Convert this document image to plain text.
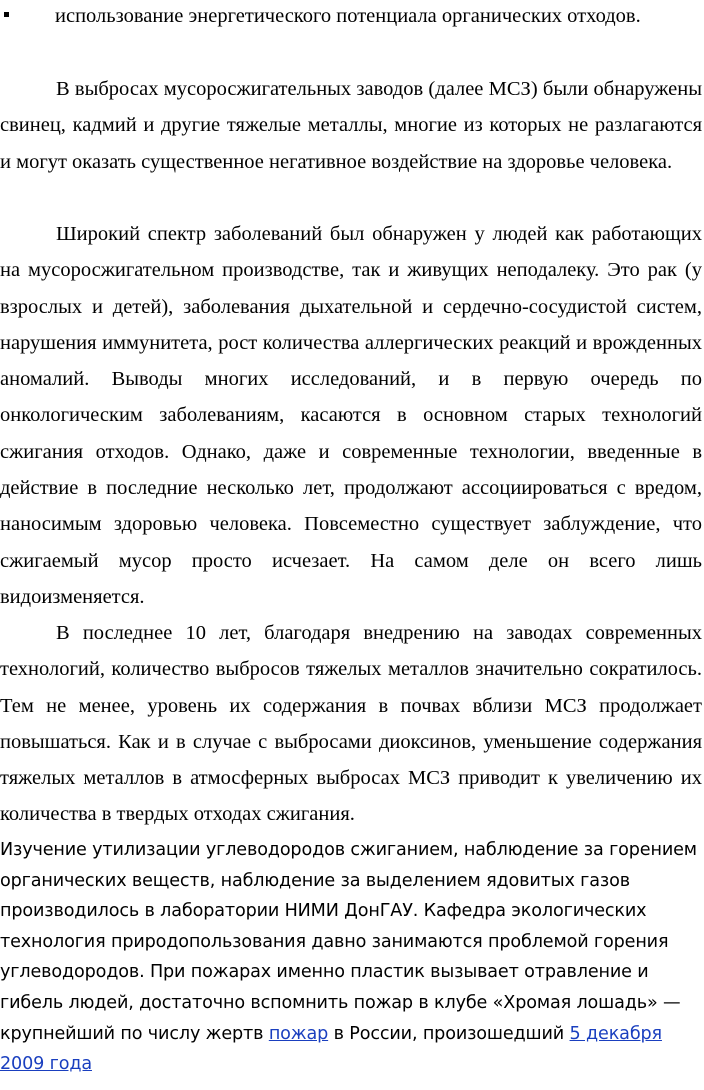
использование энергетического потенциала органических отходов.

В выбросах мусоросжигательных заводов (далее МСЗ) были обнаружены свинец, кадмий и другие тяжелые металлы, многие из которых не разлагаются и могут оказать существенное негативное воздействие на здоровье человека.

Широкий спектр заболеваний был обнаружен у людей как работающих на мусоросжигательном производстве, так и живущих неподалеку. Это рак (у взрослых и детей), заболевания дыхательной и сердечно-сосудистой систем, нарушения иммунитета, рост количества аллергических реакций и врожденных аномалий. Выводы многих исследований, и в первую очередь по онкологическим заболеваниям, касаются в основном старых технологий сжигания отходов. Однако, даже и современные технологии, введенные в действие в последние несколько лет, продолжают ассоциироваться с вредом, наносимым здоровью человека. Повсеместно существует заблуждение, что сжигаемый мусор просто исчезает. На самом деле он всего лишь видоизменяется.

В последнее 10 лет, благодаря внедрению на заводах современных технологий, количество выбросов тяжелых металлов значительно сократилось. Тем не менее, уровень их содержания в почвах вблизи МСЗ продолжает повышаться. Как и в случае с выбросами диоксинов, уменьшение содержания тяжелых металлов в атмосферных выбросах МСЗ приводит к увеличению их количества в твердых отходах сжигания.

Изучение утилизации углеводородов сжиганием, наблюдение за горением органических веществ, наблюдение за выделением ядовитых газов производилось в лаборатории НИМИ ДонГАУ. Кафедра экологических технология природопользования давно занимаются проблемой горения углеводородов. При пожарах именно пластик вызывает отравление и гибель людей, достаточно вспомнить пожар в клубе «Хромая лошадь» — крупнейший по числу жертв пожар в России, произошедший 5 декабря 2009 года
